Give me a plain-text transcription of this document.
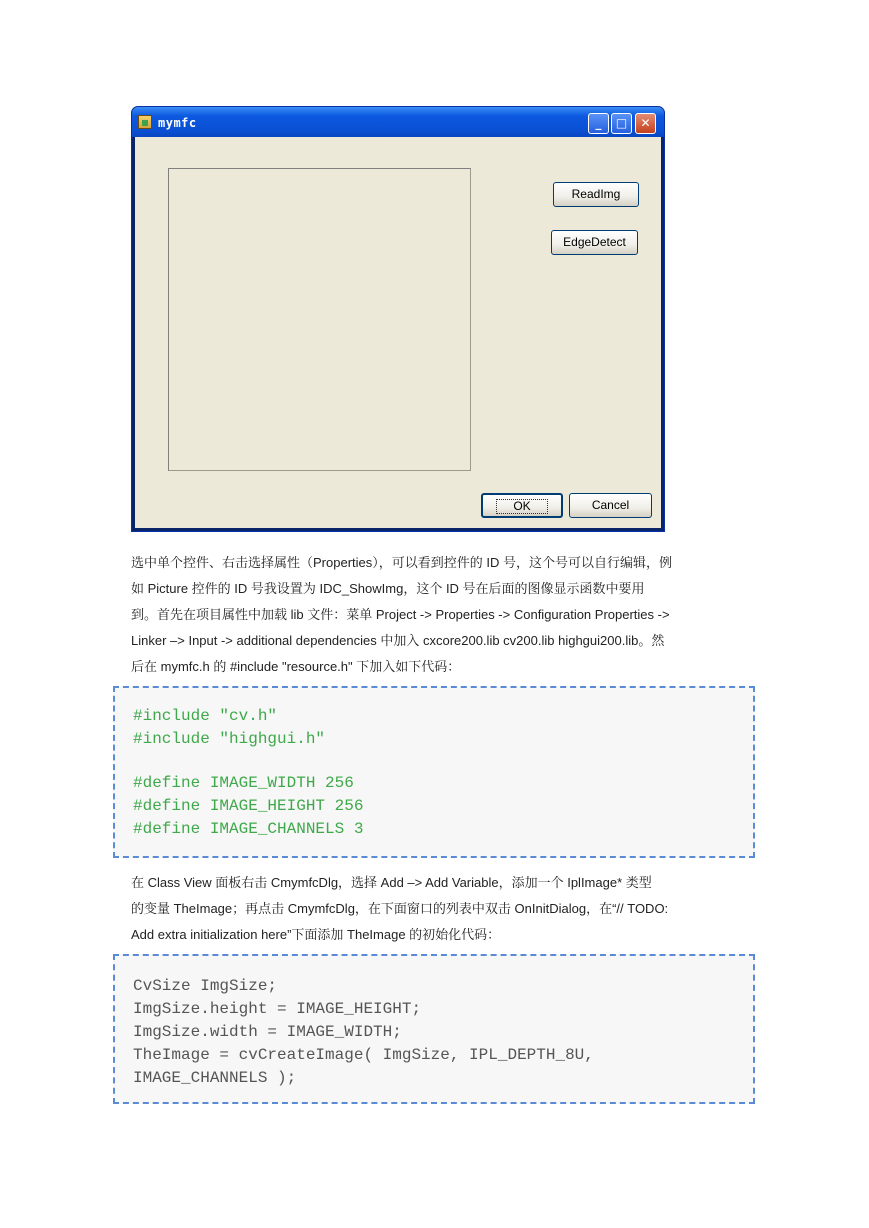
mymfc	_	□	✕
ReadImg
EdgeDetect
OK	Cancel
选中单个控件、右击选择属性（Properties），可以看到控件的 ID 号，这个号可以自行编辑，例
如 Picture 控件的 ID 号我设置为 IDC_ShowImg，这个 ID 号在后面的图像显示函数中要用
到。首先在项目属性中加载 lib 文件：菜单 Project -> Properties -> Configuration Properties ->
Linker –> Input -> additional dependencies 中加入 cxcore200.lib cv200.lib highgui200.lib。然
后在 mymfc.h 的 #include "resource.h" 下加入如下代码：
#include "cv.h"
#include "highgui.h"
#define IMAGE_WIDTH 256
#define IMAGE_HEIGHT 256
#define IMAGE_CHANNELS 3
在 Class View 面板右击 CmymfcDlg，选择 Add –> Add Variable，添加一个 IplImage* 类型
的变量 TheImage；再点击 CmymfcDlg，在下面窗口的列表中双击 OnInitDialog，在“// TODO:
Add extra initialization here”下面添加 TheImage 的初始化代码：
CvSize ImgSize;
ImgSize.height = IMAGE_HEIGHT;
ImgSize.width = IMAGE_WIDTH;
TheImage = cvCreateImage( ImgSize, IPL_DEPTH_8U,
IMAGE_CHANNELS );
